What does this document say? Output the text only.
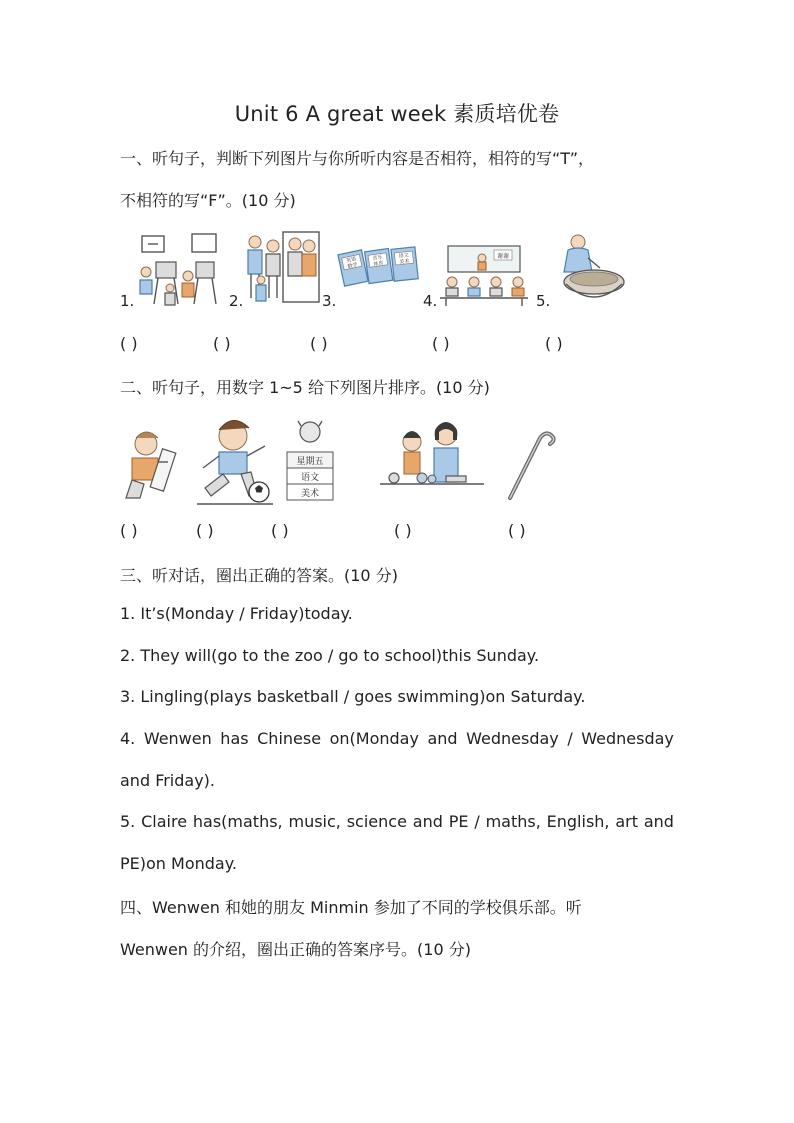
Unit 6 A great week 素质培优卷
一、听句子，判断下列图片与你所听内容是否相符，相符的写“T”，
不相符的写“F”。(10 分)
1.	2.
英语
数学
音乐
体育
语文
美术
3.
谢谢
4.	5.
( )	( )	( )	( )	( )
二、听句子，用数字 1~5 给下列图片排序。(10 分)
星期五
语文
美术
( )	( )	( )	( )	( )
三、听对话，圈出正确的答案。(10 分)
1. It’s(Monday / Friday)today.
2. They will(go to the zoo / go to school)this Sunday.
3. Lingling(plays basketball / goes swimming)on Saturday.
4. Wenwen has Chinese on(Monday and Wednesday / Wednesday
and Friday).
5. Claire has(maths, music, science and PE / maths, English, art and
PE)on Monday.
四、Wenwen 和她的朋友 Minmin 参加了不同的学校俱乐部。听
Wenwen 的介绍，圈出正确的答案序号。(10 分)
